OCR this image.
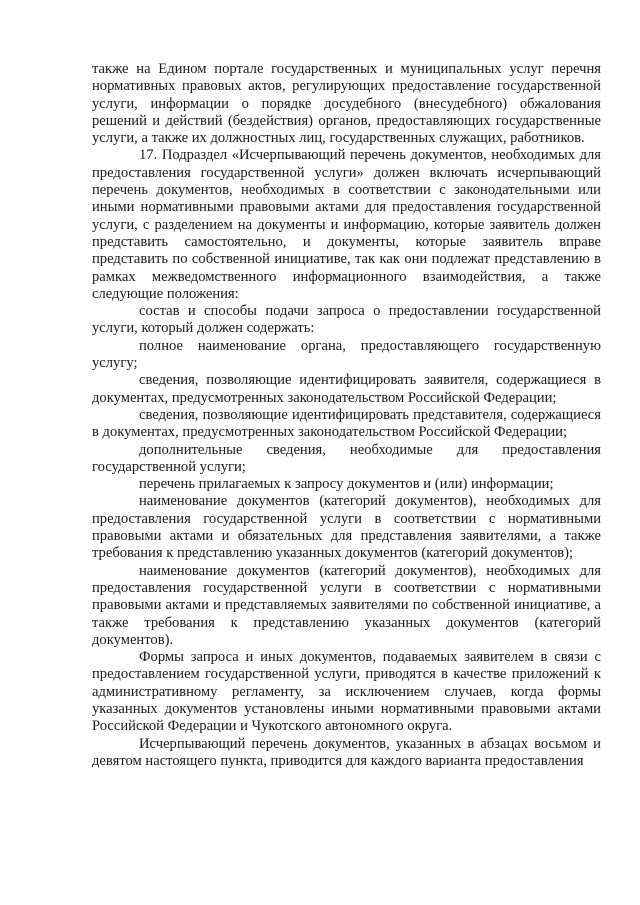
также на Едином портале государственных и муниципальных услуг перечня нормативных правовых актов, регулирующих предоставление государственной услуги, информации о порядке досудебного (внесудебного) обжалования решений и действий (бездействия) органов, предоставляющих государственные услуги, а также их должностных лиц, государственных служащих, работников.

17. Подраздел «Исчерпывающий перечень документов, необходимых для предоставления государственной услуги» должен включать исчерпывающий перечень документов, необходимых в соответствии с законодательными или иными нормативными правовыми актами для предоставления государственной услуги, с разделением на документы и информацию, которые заявитель должен представить самостоятельно, и документы, которые заявитель вправе представить по собственной инициативе, так как они подлежат представлению в рамках межведомственного информационного взаимодействия, а также следующие положения:

состав и способы подачи запроса о предоставлении государственной услуги, который должен содержать:

полное наименование органа, предоставляющего государственную услугу;

сведения, позволяющие идентифицировать заявителя, содержащиеся в документах, предусмотренных законодательством Российской Федерации;

сведения, позволяющие идентифицировать представителя, содержащиеся в документах, предусмотренных законодательством Российской Федерации;

дополнительные сведения, необходимые для предоставления государственной услуги;

перечень прилагаемых к запросу документов и (или) информации;

наименование документов (категорий документов), необходимых для предоставления государственной услуги в соответствии с нормативными правовыми актами и обязательных для представления заявителями, а также требования к представлению указанных документов (категорий документов);

наименование документов (категорий документов), необходимых для предоставления государственной услуги в соответствии с нормативными правовыми актами и представляемых заявителями по собственной инициативе, а также требования к представлению указанных документов (категорий документов).

Формы запроса и иных документов, подаваемых заявителем в связи с предоставлением государственной услуги, приводятся в качестве приложений к административному регламенту, за исключением случаев, когда формы указанных документов установлены иными нормативными правовыми актами Российской Федерации и Чукотского автономного округа.

Исчерпывающий перечень документов, указанных в абзацах восьмом и девятом настоящего пункта, приводится для каждого варианта предоставления
